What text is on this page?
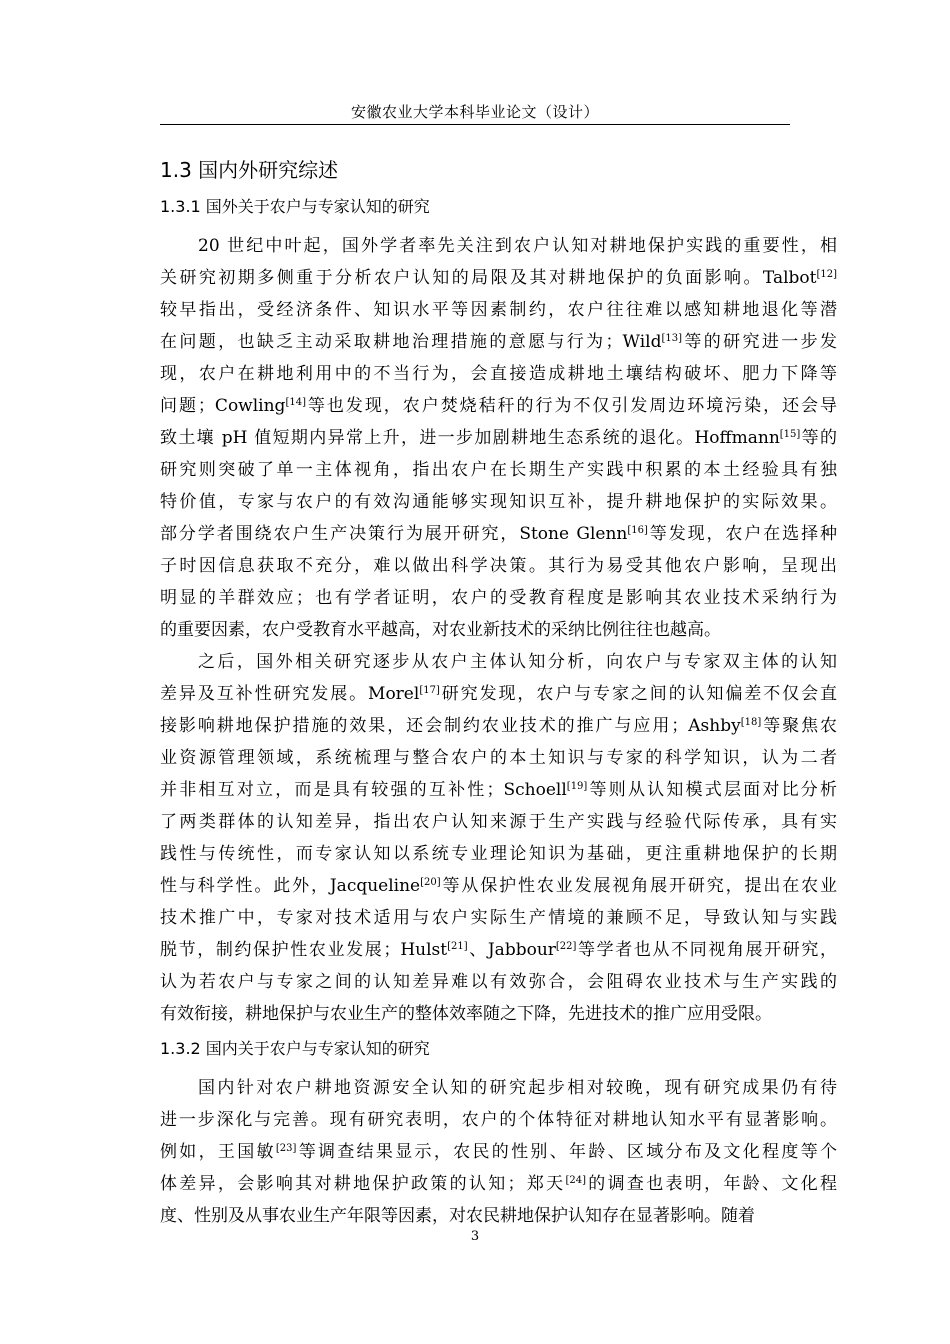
安徽农业大学本科毕业论文（设计）
1.3 国内外研究综述
1.3.1 国外关于农户与专家认知的研究
1.3.2 国内关于农户与专家认知的研究
20 世纪中叶起，国外学者率先关注到农户认知对耕地保护实践的重要性，相
关研究初期多侧重于分析农户认知的局限及其对耕地保护的负面影响。Talbot[12]
较早指出，受经济条件、知识水平等因素制约，农户往往难以感知耕地退化等潜
在问题，也缺乏主动采取耕地治理措施的意愿与行为；Wild[13]等的研究进一步发
现，农户在耕地利用中的不当行为，会直接造成耕地土壤结构破坏、肥力下降等
问题；Cowling[14]等也发现，农户焚烧秸秆的行为不仅引发周边环境污染，还会导
致土壤 pH 值短期内异常上升，进一步加剧耕地生态系统的退化。Hoffmann[15]等的
研究则突破了单一主体视角，指出农户在长期生产实践中积累的本土经验具有独
特价值，专家与农户的有效沟通能够实现知识互补，提升耕地保护的实际效果。
部分学者围绕农户生产决策行为展开研究，Stone Glenn[16]等发现，农户在选择种
子时因信息获取不充分，难以做出科学决策。其行为易受其他农户影响，呈现出
明显的羊群效应；也有学者证明，农户的受教育程度是影响其农业技术采纳行为
的重要因素，农户受教育水平越高，对农业新技术的采纳比例往往也越高。
之后，国外相关研究逐步从农户主体认知分析，向农户与专家双主体的认知
差异及互补性研究发展。Morel[17]研究发现，农户与专家之间的认知偏差不仅会直
接影响耕地保护措施的效果，还会制约农业技术的推广与应用；Ashby[18]等聚焦农
业资源管理领域，系统梳理与整合农户的本土知识与专家的科学知识，认为二者
并非相互对立，而是具有较强的互补性；Schoell[19]等则从认知模式层面对比分析
了两类群体的认知差异，指出农户认知来源于生产实践与经验代际传承，具有实
践性与传统性，而专家认知以系统专业理论知识为基础，更注重耕地保护的长期
性与科学性。此外，Jacqueline[20]等从保护性农业发展视角展开研究，提出在农业
技术推广中，专家对技术适用与农户实际生产情境的兼顾不足，导致认知与实践
脱节，制约保护性农业发展；Hulst[21]、Jabbour[22]等学者也从不同视角展开研究，
认为若农户与专家之间的认知差异难以有效弥合，会阻碍农业技术与生产实践的
有效衔接，耕地保护与农业生产的整体效率随之下降，先进技术的推广应用受限。
国内针对农户耕地资源安全认知的研究起步相对较晚，现有研究成果仍有待
进一步深化与完善。现有研究表明，农户的个体特征对耕地认知水平有显著影响。
例如，王国敏[23]等调查结果显示，农民的性别、年龄、区域分布及文化程度等个
体差异，会影响其对耕地保护政策的认知；郑天[24]的调查也表明，年龄、文化程
度、性别及从事农业生产年限等因素，对农民耕地保护认知存在显著影响。随着
3
